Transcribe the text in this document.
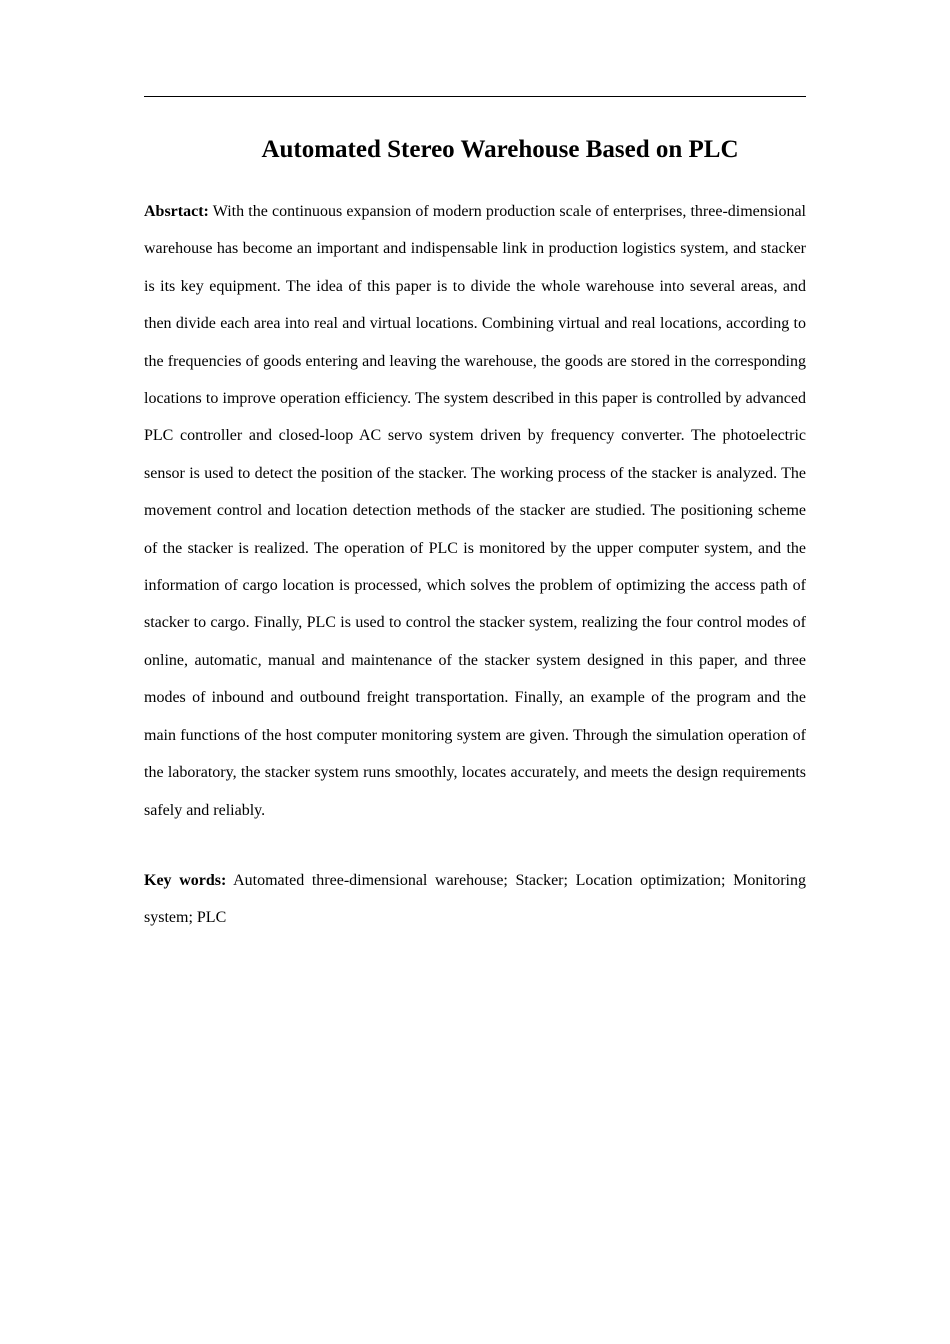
Automated Stereo Warehouse Based on PLC

Absrtact: With the continuous expansion of modern production scale of enterprises, three-dimensional warehouse has become an important and indispensable link in production logistics system, and stacker is its key equipment. The idea of this paper is to divide the whole warehouse into several areas, and then divide each area into real and virtual locations. Combining virtual and real locations, according to the frequencies of goods entering and leaving the warehouse, the goods are stored in the corresponding locations to improve operation efficiency. The system described in this paper is controlled by advanced PLC controller and closed-loop AC servo system driven by frequency converter. The photoelectric sensor is used to detect the position of the stacker. The working process of the stacker is analyzed. The movement control and location detection methods of the stacker are studied. The positioning scheme of the stacker is realized. The operation of PLC is monitored by the upper computer system, and the information of cargo location is processed, which solves the problem of optimizing the access path of stacker to cargo. Finally, PLC is used to control the stacker system, realizing the four control modes of online, automatic, manual and maintenance of the stacker system designed in this paper, and three modes of inbound and outbound freight transportation. Finally, an example of the program and the main functions of the host computer monitoring system are given. Through the simulation operation of the laboratory, the stacker system runs smoothly, locates accurately, and meets the design requirements safely and reliably.

Key words: Automated three-dimensional warehouse; Stacker; Location optimization; Monitoring system; PLC
